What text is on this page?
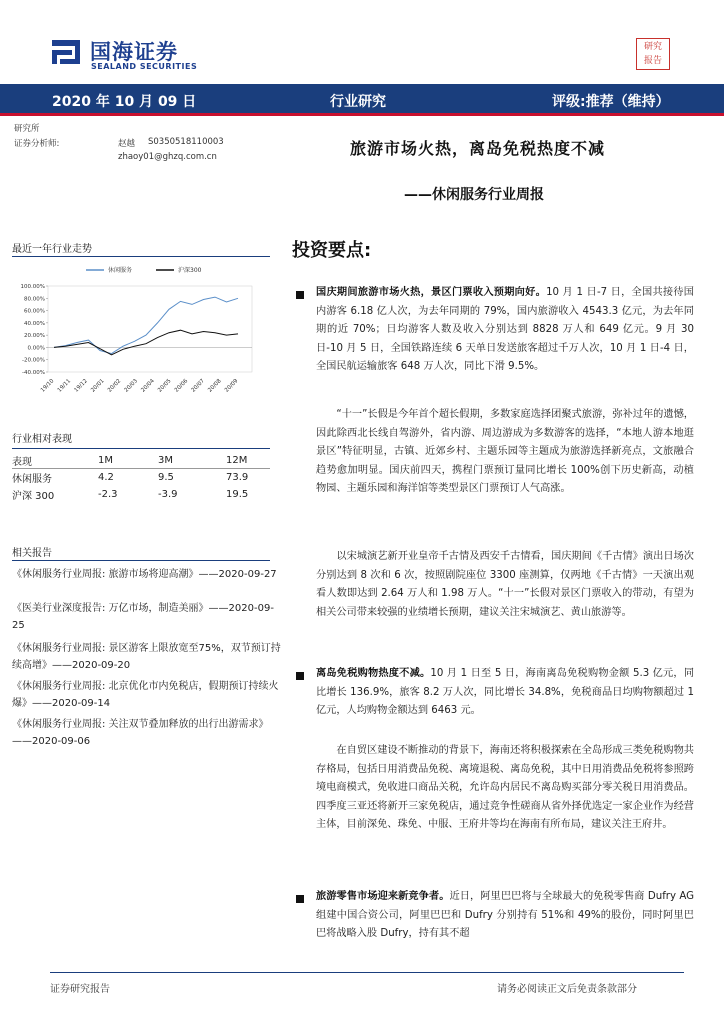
国海证券
SEALAND SECURITIES
研究
报告
2020 年 10 月 09 日	行业研究	评级:推荐（维持）
研究所
证券分析师:	赵越 S0350518110003
zhaoy01@ghzq.com.cn	旅游市场火热，离岛免税热度不减
——休闲服务行业周报
最近一年行业走势
100.00%
80.00%
60.00%
40.00%
20.00%
0.00%
-20.00%
-40.00%
19/10 19/11 19/12 20/01 20/02 20/03 20/04 20/05 20/06 20/07 20/08 20/09
休闲服务	沪深300
行业相对表现
表现	1M	3M	12M
休闲服务	4.2	9.5	73.9
沪深 300	-2.3	-3.9	19.5
相关报告
《休闲服务行业周报: 旅游市场将迎高潮》——2020-09-27
《医美行业深度报告: 万亿市场，制造美丽》——2020-09-25
《休闲服务行业周报: 景区游客上限放宽至75%，双节预订持续高增》——2020-09-20
《休闲服务行业周报: 北京优化市内免税店，假期预订持续火爆》——2020-09-14
《休闲服务行业周报: 关注双节叠加释放的出行出游需求》——2020-09-06
投资要点:
国庆期间旅游市场火热，景区门票收入预期向好。10 月 1 日-7 日，全国共接待国内游客 6.18 亿人次，为去年同期的 79%，国内旅游收入 4543.3 亿元，为去年同期的近 70%；日均游客人数及收入分别达到 8828 万人和 649 亿元。9 月 30 日-10 月 5 日，全国铁路连续 6 天单日发送旅客超过千万人次，10 月 1 日-4 日，全国民航运输旅客 648 万人次，同比下滑 9.5%。
“十一”长假是今年首个超长假期，多数家庭选择团聚式旅游，弥补过年的遗憾，因此除西北长线自驾游外，省内游、周边游成为多数游客的选择，“本地人游本地逛景区”特征明显，古镇、近郊乡村、主题乐园等主题成为旅游选择新亮点，文旅融合趋势愈加明显。国庆前四天，携程门票预订量同比增长 100%创下历史新高，动植物园、主题乐园和海洋馆等类型景区门票预订人气高涨。
以宋城演艺新开业皇帝千古情及西安千古情看，国庆期间《千古情》演出日场次分别达到 8 次和 6 次，按照剧院座位 3300 座测算，仅两地《千古情》一天演出观看人数即达到 2.64 万人和 1.98 万人。“十一”长假对景区门票收入的带动，有望为相关公司带来较强的业绩增长预期，建议关注宋城演艺、黄山旅游等。
离岛免税购物热度不减。10 月 1 日至 5 日，海南离岛免税购物金额 5.3 亿元，同比增长 136.9%，旅客 8.2 万人次，同比增长 34.8%，免税商品日均购物额超过 1 亿元，人均购物金额达到 6463 元。
在自贸区建设不断推动的背景下，海南还将积极探索在全岛形成三类免税购物共存格局，包括日用消费品免税、离境退税、离岛免税，其中日用消费品免税将参照跨境电商模式，免收进口商品关税，允许岛内居民不离岛购买部分零关税日用消费品。四季度三亚还将新开三家免税店，通过竞争性磋商从省外择优选定一家企业作为经营主体，目前深免、珠免、中服、王府井等均在海南有所布局，建议关注王府井。
旅游零售市场迎来新竞争者。近日，阿里巴巴将与全球最大的免税零售商 Dufry AG 组建中国合资公司，阿里巴巴和 Dufry 分别持有 51%和 49%的股份，同时阿里巴巴将战略入股 Dufry，持有其不超
证券研究报告	请务必阅读正文后免责条款部分
